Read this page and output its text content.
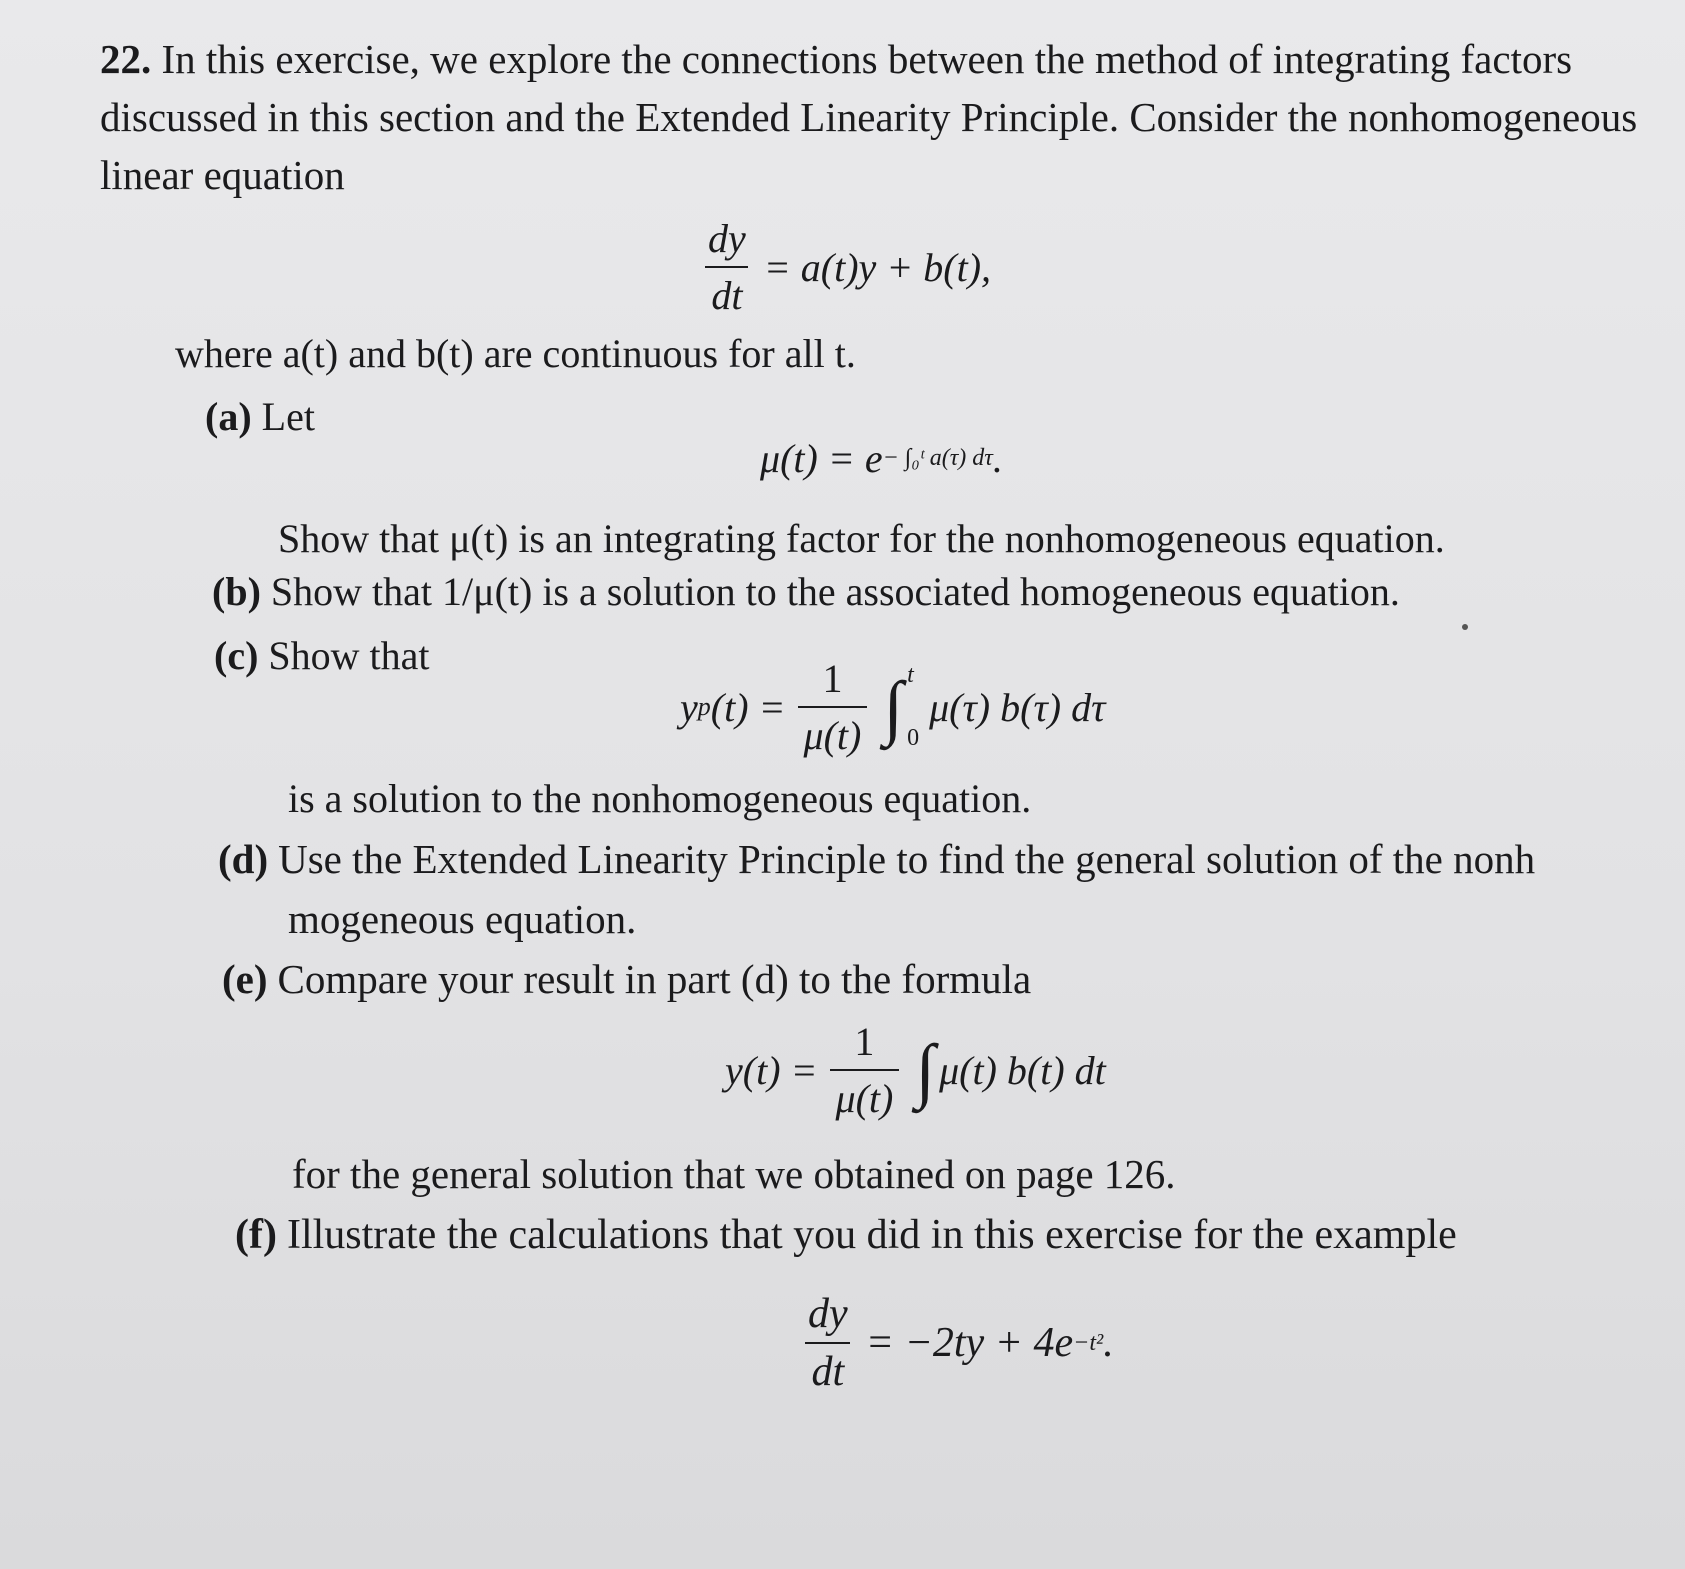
22. In this exercise, we explore the connections between the method of integrating factors discussed in this section and the Extended Linearity Principle. Consider the nonhomogeneous linear equation
$\frac{dy}{dt} = a(t)y + b(t)$,
where a(t) and b(t) are continuous for all t.
(a) Let
μ(t) = e − ∫₀ᵗ a(τ) dτ .
Show that μ(t) is an integrating factor for the nonhomogeneous equation.
(b) Show that 1/μ(t) is a solution to the associated homogeneous equation.
(c) Show that
y p $(t) = \frac{1}{\mu(t)}$ ∫ t
0
μ(τ) b(τ) dτ
is a solution to the nonhomogeneous equation.
(d) Use the Extended Linearity Principle to find the general solution of the nonh
mogeneous equation.
(e) Compare your result in part (d) to the formula
$y(t) = \frac{1}{\mu(t)}$ ∫ μ(t) b(t) dt
for the general solution that we obtained on page 126.
(f) Illustrate the calculations that you did in this exercise for the example
$\frac{dy}{dt} = -2ty + 4e -t^2$ .
